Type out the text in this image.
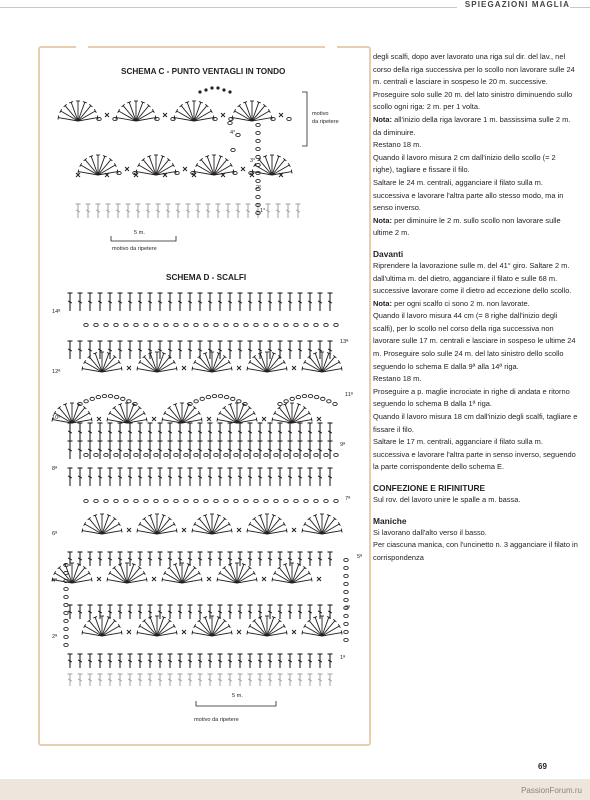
SPIEGAZIONI MAGLIA
SCHEMA C - PUNTO VENTAGLI IN TONDO
motivo
da ripetere
4°
3°
2°
1°
5 m.
motivo da ripetere
SCHEMA D - SCALFI
5 m.
motivo da ripetere

degli scalfi, dopo aver lavorato una riga sul dir. del lav., nel corso della riga successiva per lo scollo non lavorare sulle 24 m. centrali e lasciare in sospeso le 20 m. successive. Proseguire solo sulle 20 m. del lato sinistro diminuendo sullo scollo ogni riga: 2 m. per 1 volta.

Nota: all'inizio della riga lavorare 1 m. bassissima sulle 2 m. da diminuire.

Restano 18 m.

Quando il lavoro misura 2 cm dall'inizio dello scollo (= 2 righe), tagliare e fissare il filo.

Saltare le 24 m. centrali, agganciare il filato sulla m. successiva e lavorare l'altra parte allo stesso modo, ma in senso inverso.

Nota: per diminuire le 2 m. sullo scollo non lavorare sulle ultime 2 m.

Davanti

Riprendere la lavorazione sulle m. del 41° giro. Saltare 2 m. dall'ultima m. del dietro, agganciare il filato e sulle 68 m. successive lavorare come il dietro ad eccezione dello scollo.

Nota: per ogni scalfo ci sono 2 m. non lavorate.

Quando il lavoro misura 44 cm (= 8 righe dall'inizio degli scalfi), per lo scollo nel corso della riga successiva non lavorare sulle 17 m. centrali e lasciare in sospeso le ultime 24 m. Proseguire solo sulle 24 m. del lato sinistro dello scollo seguendo lo schema E dalla 9ª alla 14ª riga.

Restano 18 m.

Proseguire a p. maglie incrociate in righe di andata e ritorno seguendo lo schema B dalla 1ª riga.

Quando il lavoro misura 18 cm dall'inizio degli scalfi, tagliare e fissare il filo.

Saltare le 17 m. centrali, agganciare il filato sulla m. successiva e lavorare l'altra parte in senso inverso, seguendo la parte corrispondente dello schema E.

CONFEZIONE E RIFINITURE

Sul rov. del lavoro unire le spalle a m. bassa.

Maniche

Si lavorano dall'alto verso il basso.

Per ciascuna manica, con l'uncinetto n. 3 agganciare il filato in corrispondenza

69
PassionForum.ru
14ª
12ª
10ª
8ª
6ª
4ª
2ª
13ª
11ª
9ª
7ª
5ª
3ª
1ª
